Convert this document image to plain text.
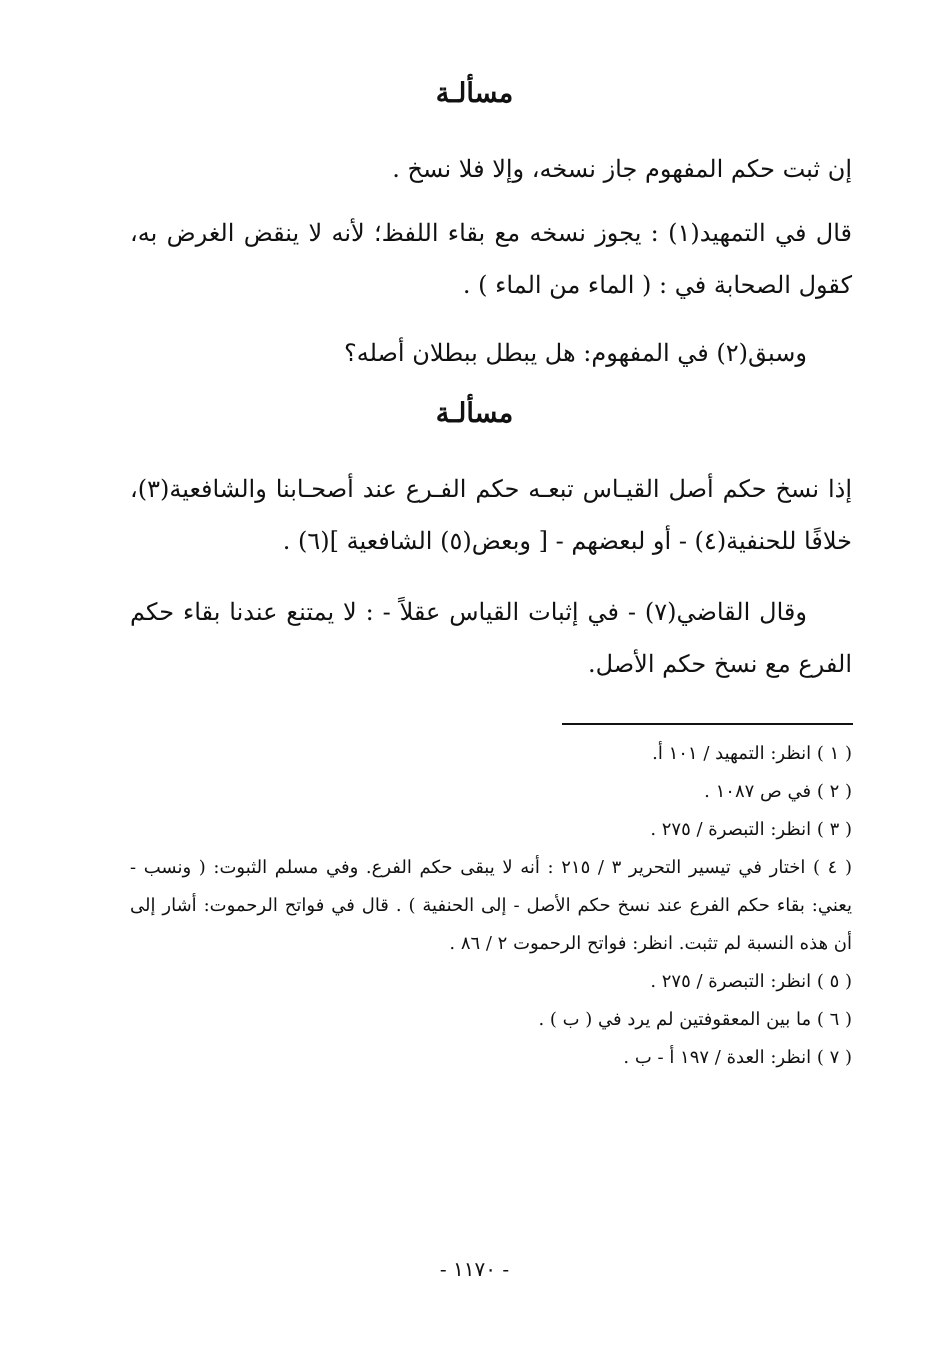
مسألـة

إن ثبت حكم المفهوم جاز نسخه، وإلا فلا نسخ .

قال في التمهيد(١) : يجوز نسخه مع بقاء اللفظ؛ لأنه لا ينقض الغرض به، كقول الصحابة في : ( الماء من الماء ) .

وسبق(٢) في المفهوم: هل يبطل ببطلان أصله؟

مسألـة

إذا نسخ حكم أصل القيـاس تبعـه حكم الفـرع عند أصحـابنا والشافعية(٣)، خلافًا للحنفية(٤) - أو لبعضهم - [ وبعض(٥) الشافعية ](٦) .

وقال القاضي(٧) - في إثبات القياس عقلاً - : لا يمتنع عندنا بقاء حكم الفرع مع نسخ حكم الأصل.

( ١ ) انظر: التمهيد / ١٠١ أ.

( ٢ ) في ص ١٠٨٧ .

( ٣ ) انظر: التبصرة / ٢٧٥ .

( ٤ ) اختار في تيسير التحرير ٣ / ٢١٥ : أنه لا يبقى حكم الفرع. وفي مسلم الثبوت: ( ونسب - يعني: بقاء حكم الفرع عند نسخ حكم الأصل - إلى الحنفية ) . قال في فواتح الرحموت: أشار إلى أن هذه النسبة لم تثبت. انظر: فواتح الرحموت ٢ / ٨٦ .

( ٥ ) انظر: التبصرة / ٢٧٥ .

( ٦ ) ما بين المعقوفتين لم يرد في ( ب ) .

( ٧ ) انظر: العدة / ١٩٧ أ - ب .

- ١١٧٠ -
